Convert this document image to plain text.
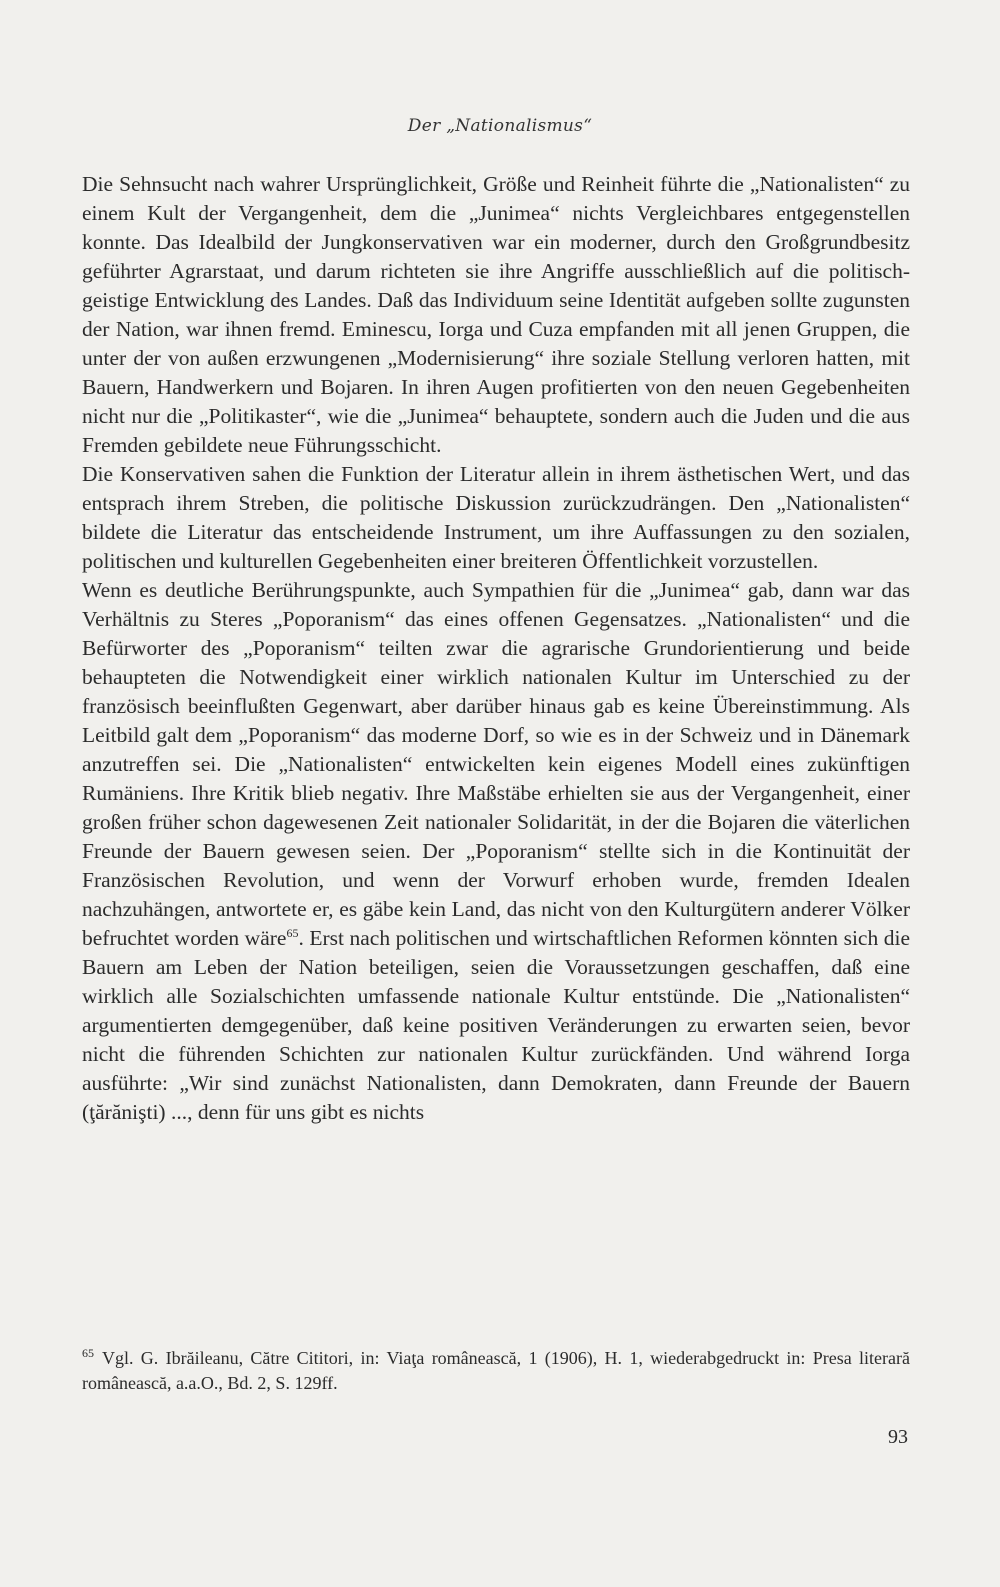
Der „Nationalismus“

Die Sehnsucht nach wahrer Ursprünglichkeit, Größe und Reinheit führte die „Nationalisten“ zu einem Kult der Vergangenheit, dem die „Junimea“ nichts Vergleichbares entgegenstellen konnte. Das Idealbild der Jungkonservativen war ein moderner, durch den Großgrundbesitz geführter Agrarstaat, und darum richteten sie ihre Angriffe ausschließlich auf die politisch-geistige Entwicklung des Landes. Daß das Individuum seine Identität aufgeben sollte zugunsten der Nation, war ihnen fremd. Eminescu, Iorga und Cuza empfanden mit all jenen Gruppen, die unter der von außen erzwungenen „Modernisierung“ ihre soziale Stellung verloren hatten, mit Bauern, Handwerkern und Bojaren. In ihren Augen profitierten von den neuen Gegebenheiten nicht nur die „Politikaster“, wie die „Junimea“ behauptete, sondern auch die Juden und die aus Fremden gebildete neue Führungsschicht.

Die Konservativen sahen die Funktion der Literatur allein in ihrem ästhetischen Wert, und das entsprach ihrem Streben, die politische Diskussion zurückzudrängen. Den „Nationalisten“ bildete die Literatur das entscheidende Instrument, um ihre Auffassungen zu den sozialen, politischen und kulturellen Gegebenheiten einer breiteren Öffentlichkeit vorzustellen.

Wenn es deutliche Berührungspunkte, auch Sympathien für die „Junimea“ gab, dann war das Verhältnis zu Steres „Poporanism“ das eines offenen Gegensatzes. „Nationalisten“ und die Befürworter des „Poporanism“ teilten zwar die agrarische Grundorientierung und beide behaupteten die Notwendigkeit einer wirklich nationalen Kultur im Unterschied zu der französisch beeinflußten Gegenwart, aber darüber hinaus gab es keine Übereinstimmung. Als Leitbild galt dem „Poporanism“ das moderne Dorf, so wie es in der Schweiz und in Dänemark anzutreffen sei. Die „Nationalisten“ entwickelten kein eigenes Modell eines zukünftigen Rumäniens. Ihre Kritik blieb negativ. Ihre Maßstäbe erhielten sie aus der Vergangenheit, einer großen früher schon dagewesenen Zeit nationaler Solidarität, in der die Bojaren die väterlichen Freunde der Bauern gewesen seien. Der „Poporanism“ stellte sich in die Kontinuität der Französischen Revolution, und wenn der Vorwurf erhoben wurde, fremden Idealen nachzuhängen, antwortete er, es gäbe kein Land, das nicht von den Kulturgütern anderer Völker befruchtet worden wäre$^{65}$. Erst nach politischen und wirtschaftlichen Reformen könnten sich die Bauern am Leben der Nation beteiligen, seien die Voraussetzungen geschaffen, daß eine wirklich alle Sozialschichten umfassende nationale Kultur entstünde. Die „Nationalisten“ argumentierten demgegenüber, daß keine positiven Veränderungen zu erwarten seien, bevor nicht die führenden Schichten zur nationalen Kultur zurückfänden. Und während Iorga ausführte: „Wir sind zunächst Nationalisten, dann Demokraten, dann Freunde der Bauern (ţărănişti) ..., denn für uns gibt es nichts

$^{65}$ Vgl. G. Ibrăileanu, Către Cititori, in: Viaţa românească, 1 (1906), H. 1, wiederabgedruckt in: Presa literară românească, a.a.O., Bd. 2, S. 129ff.
93
